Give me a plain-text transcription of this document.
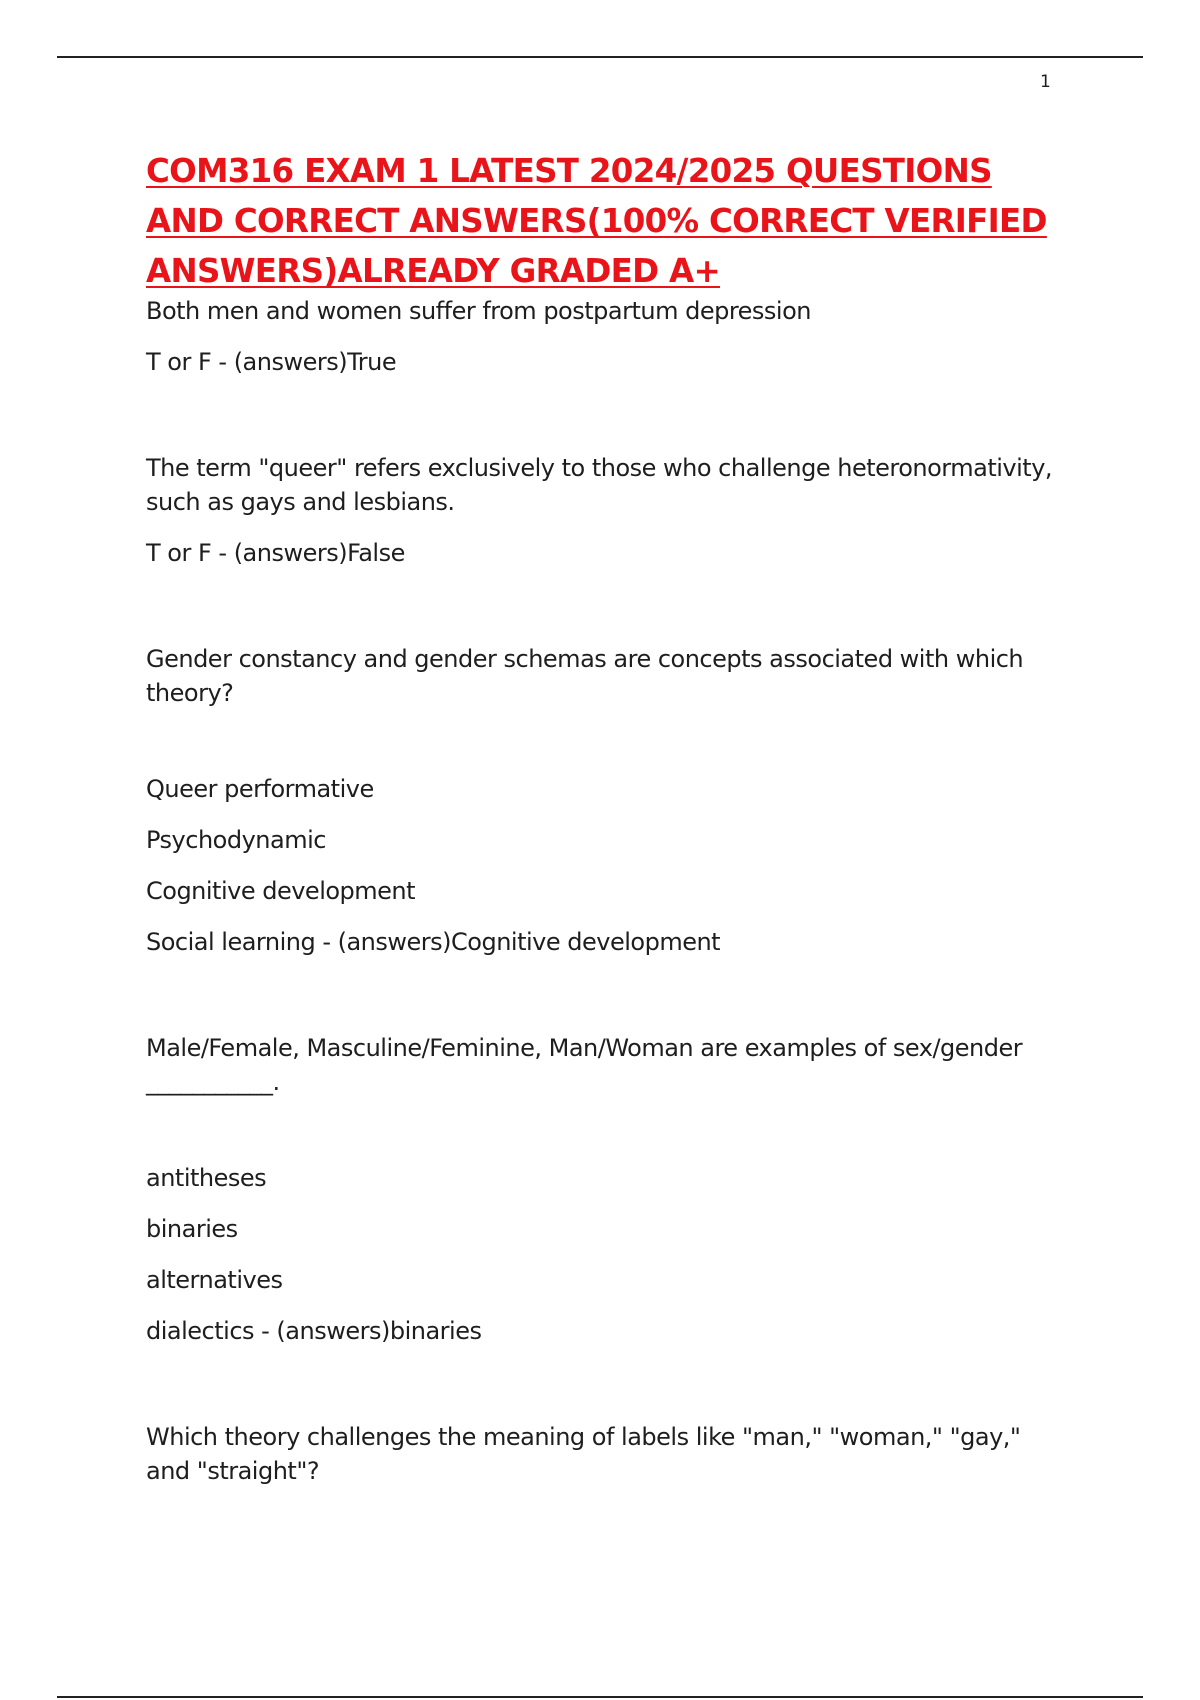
1
COM316 EXAM 1 LATEST 2024/2025 QUESTIONS
AND CORRECT ANSWERS(100% CORRECT VERIFIED
ANSWERS)ALREADY GRADED A+

Both men and women suffer from postpartum depression

T or F - (answers)True

The term "queer" refers exclusively to those who challenge heteronormativity,
such as gays and lesbians.

T or F - (answers)False

Gender constancy and gender schemas are concepts associated with which
theory?

Queer performative

Psychodynamic

Cognitive development

Social learning - (answers)Cognitive development

Male/Female, Masculine/Feminine, Man/Woman are examples of sex/gender
___________.

antitheses

binaries

alternatives

dialectics - (answers)binaries

Which theory challenges the meaning of labels like "man," "woman," "gay,"
and "straight"?
